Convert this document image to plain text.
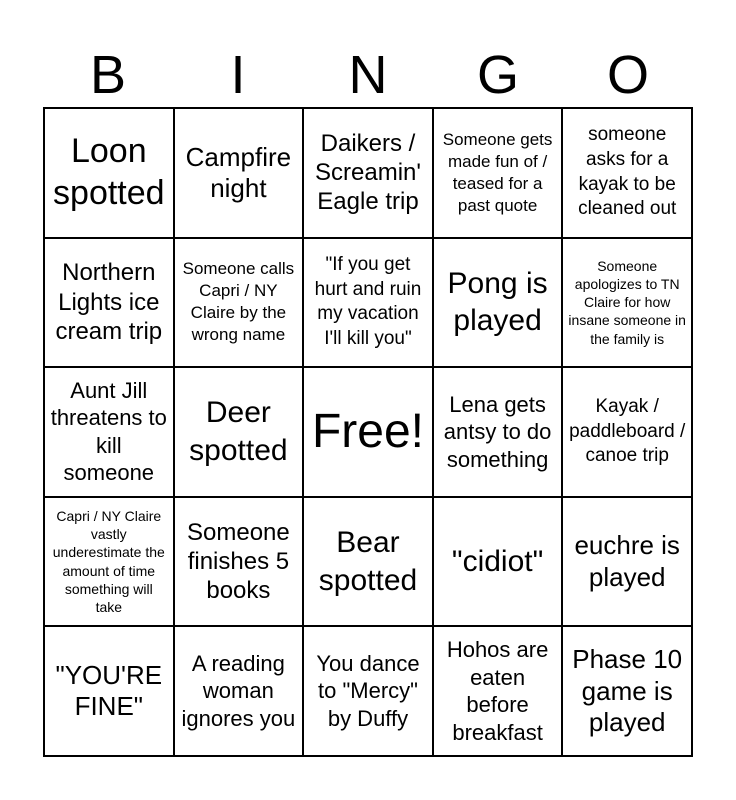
B	I	N	G	O
Loon spotted
Campfire night
Daikers / Screamin' Eagle trip
Someone gets made fun of / teased for a past quote
someone asks for a kayak to be cleaned out
Northern Lights ice cream trip
Someone calls Capri / NY Claire by the wrong name
"If you get hurt and ruin my vacation I'll kill you"
Pong is played
Someone apologizes to TN Claire for how insane someone in the family is
Aunt Jill threatens to kill someone
Deer spotted Free!
Lena gets antsy to do something
Kayak / paddleboard / canoe trip
Capri / NY Claire vastly underestimate the amount of time something will take
Someone finishes 5 books
Bear spotted
"cidiot"	euchre is played
"YOU'RE FINE"
A reading woman ignores you
You dance to "Mercy" by Duffy
Hohos are eaten before breakfast
Phase 10 game is played
